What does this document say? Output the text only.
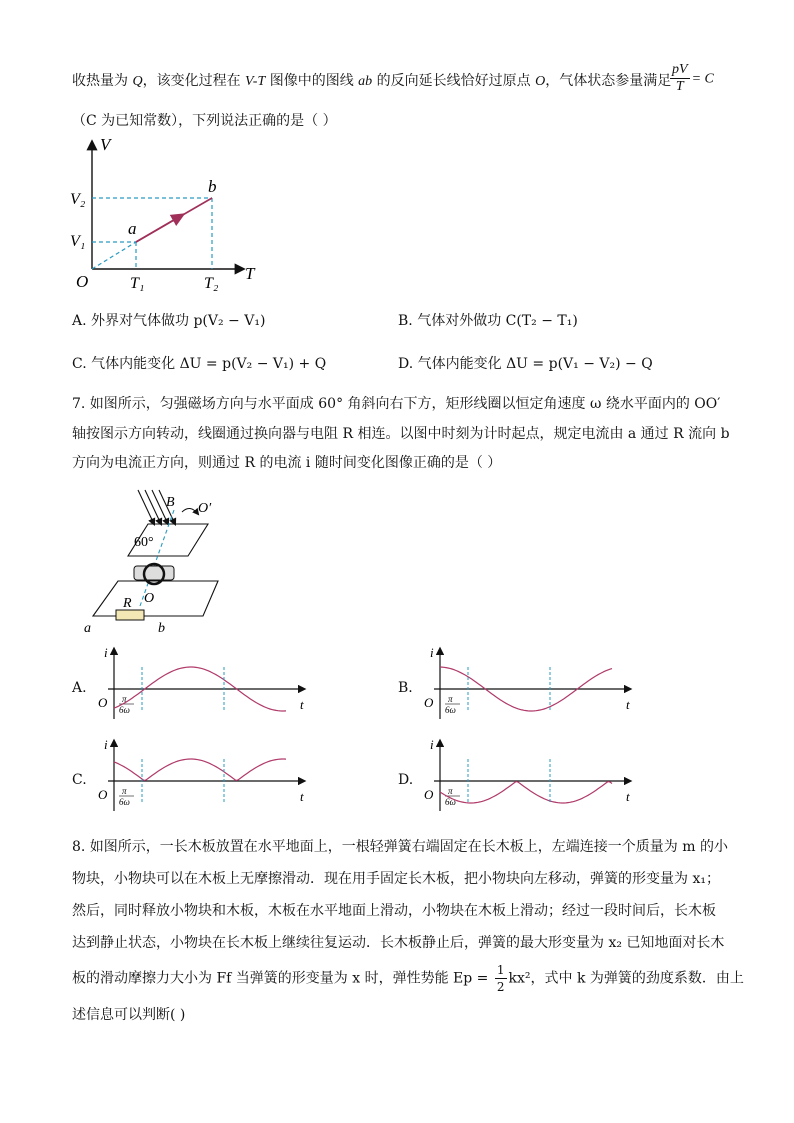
收热量为 Q，该变化过程在 V-T 图像中的图线 ab 的反向延长线恰好过原点 O，气体状态参量满足
$\frac{pV}{T} = C$
（C 为已知常数），下列说法正确的是（ ）
V
T
O
V₂
V₁
T₁	T₂
a
b
A. 外界对气体做功 p(V₂ − V₁)	B. 气体对外做功 C(T₂ − T₁)
C. 气体内能变化 ΔU = p(V₂ − V₁) + Q	D. 气体内能变化 ΔU = p(V₁ − V₂) − Q
7. 如图所示，匀强磁场方向与水平面成 60° 角斜向右下方，矩形线圈以恒定角速度 ω 绕水平面内的 OO′
轴按图示方向转动，线圈通过换向器与电阻 R 相连。以图中时刻为计时起点，规定电流由 a 通过 R 流向 b
方向为电流正方向，则通过 R 的电流 i 随时间变化图像正确的是（ ）
B O′
60°
O
R
a	b
A.	B.
C.	D.
i
t
O π
6ω
i
t
O π
6ω
i
t
O π
6ω
i
t
O π
6ω
8. 如图所示，一长木板放置在水平地面上，一根轻弹簧右端固定在长木板上，左端连接一个质量为 m 的小
物块，小物块可以在木板上无摩擦滑动．现在用手固定长木板，把小物块向左移动，弹簧的形变量为 x₁；
然后，同时释放小物块和木板，木板在水平地面上滑动，小物块在木板上滑动；经过一段时间后，长木板
达到静止状态，小物块在长木板上继续往复运动．长木板静止后，弹簧的最大形变量为 x₂ 已知地面对长木
板的滑动摩擦力大小为 Ff 当弹簧的形变量为 x 时，弹性势能 $Ep = \frac{1}{2} kx^2$，式中 k 为弹簧的劲度系数．由上
述信息可以判断( )
